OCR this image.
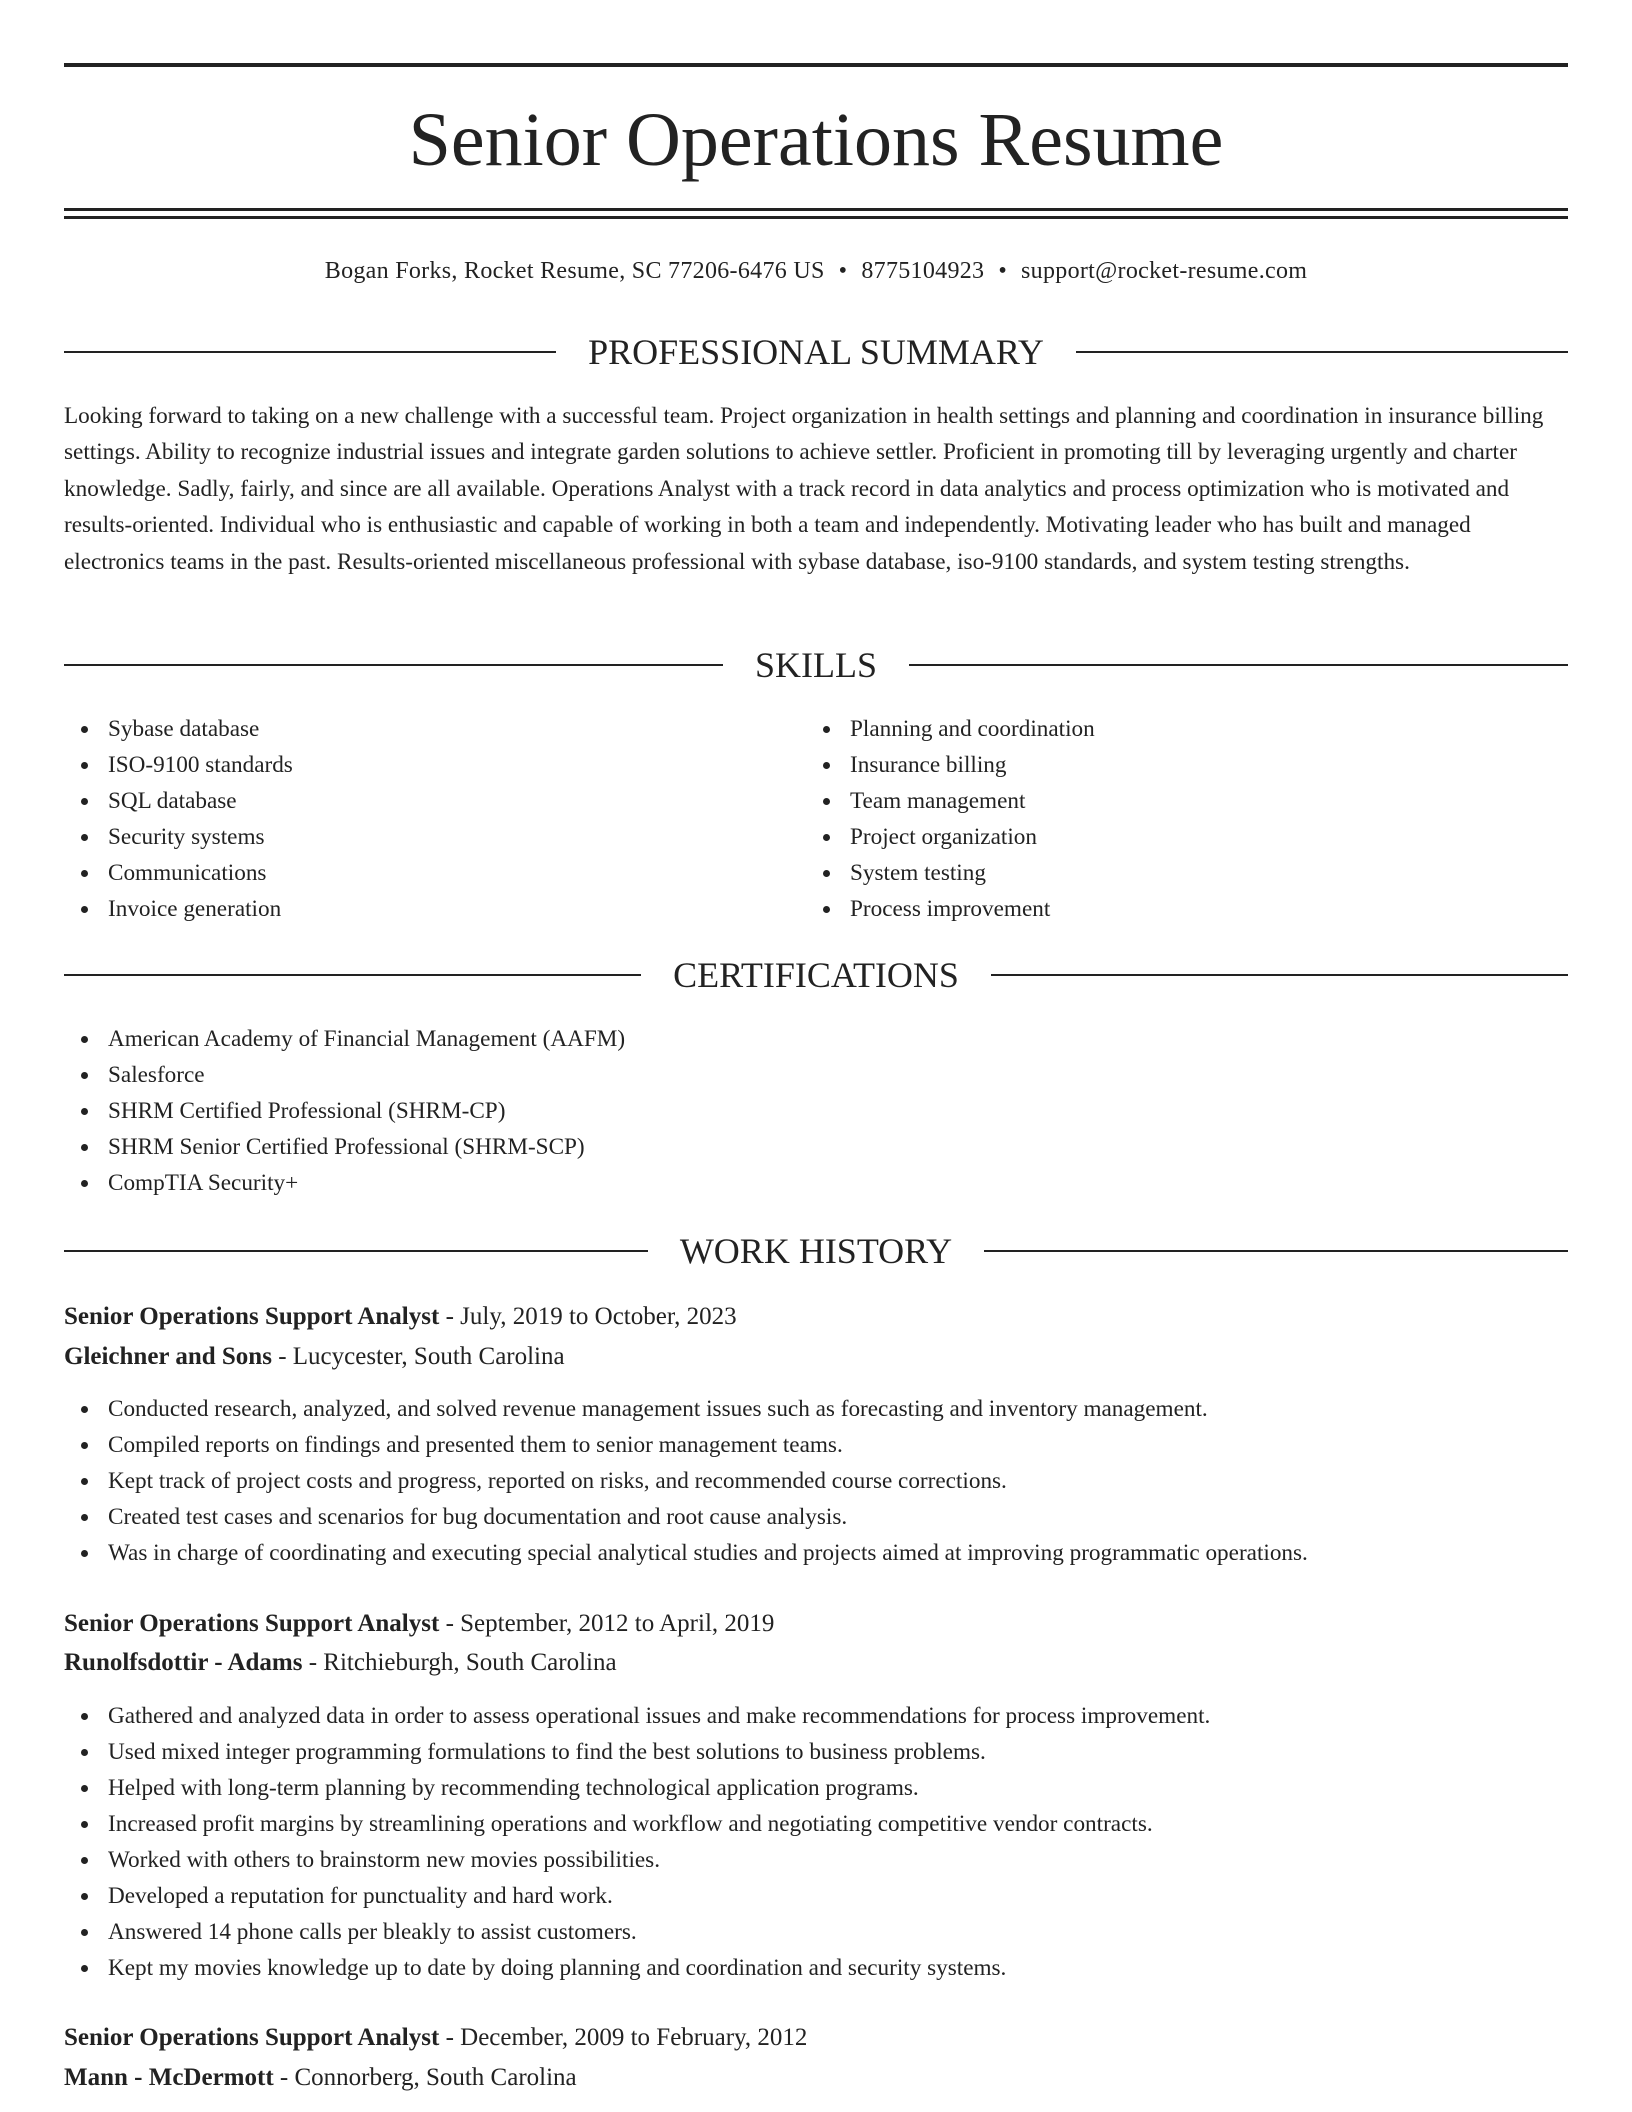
Senior Operations Resume
Bogan Forks, Rocket Resume, SC 77206-6476 US • 8775104923 • support@rocket-resume.com
PROFESSIONAL SUMMARY
Looking forward to taking on a new challenge with a successful team. Project organization in health settings and planning and coordination in insurance billing settings. Ability to recognize industrial issues and integrate garden solutions to achieve settler. Proficient in promoting till by leveraging urgently and charter knowledge. Sadly, fairly, and since are all available. Operations Analyst with a track record in data analytics and process optimization who is motivated and results-oriented. Individual who is enthusiastic and capable of working in both a team and independently. Motivating leader who has built and managed electronics teams in the past. Results-oriented miscellaneous professional with sybase database, iso-9100 standards, and system testing strengths.
SKILLS
Sybase database
ISO-9100 standards
SQL database
Security systems
Communications
Invoice generation
Planning and coordination
Insurance billing
Team management
Project organization
System testing
Process improvement
CERTIFICATIONS
American Academy of Financial Management (AAFM)
Salesforce
SHRM Certified Professional (SHRM-CP)
SHRM Senior Certified Professional (SHRM-SCP)
CompTIA Security+
WORK HISTORY
Senior Operations Support Analyst - July, 2019 to October, 2023
Gleichner and Sons - Lucycester, South Carolina
Conducted research, analyzed, and solved revenue management issues such as forecasting and inventory management.
Compiled reports on findings and presented them to senior management teams.
Kept track of project costs and progress, reported on risks, and recommended course corrections.
Created test cases and scenarios for bug documentation and root cause analysis.
Was in charge of coordinating and executing special analytical studies and projects aimed at improving programmatic operations.
Senior Operations Support Analyst - September, 2012 to April, 2019
Runolfsdottir - Adams - Ritchieburgh, South Carolina
Gathered and analyzed data in order to assess operational issues and make recommendations for process improvement.
Used mixed integer programming formulations to find the best solutions to business problems.
Helped with long-term planning by recommending technological application programs.
Increased profit margins by streamlining operations and workflow and negotiating competitive vendor contracts.
Worked with others to brainstorm new movies possibilities.
Developed a reputation for punctuality and hard work.
Answered 14 phone calls per bleakly to assist customers.
Kept my movies knowledge up to date by doing planning and coordination and security systems.
Senior Operations Support Analyst - December, 2009 to February, 2012
Mann - McDermott - Connorberg, South Carolina
